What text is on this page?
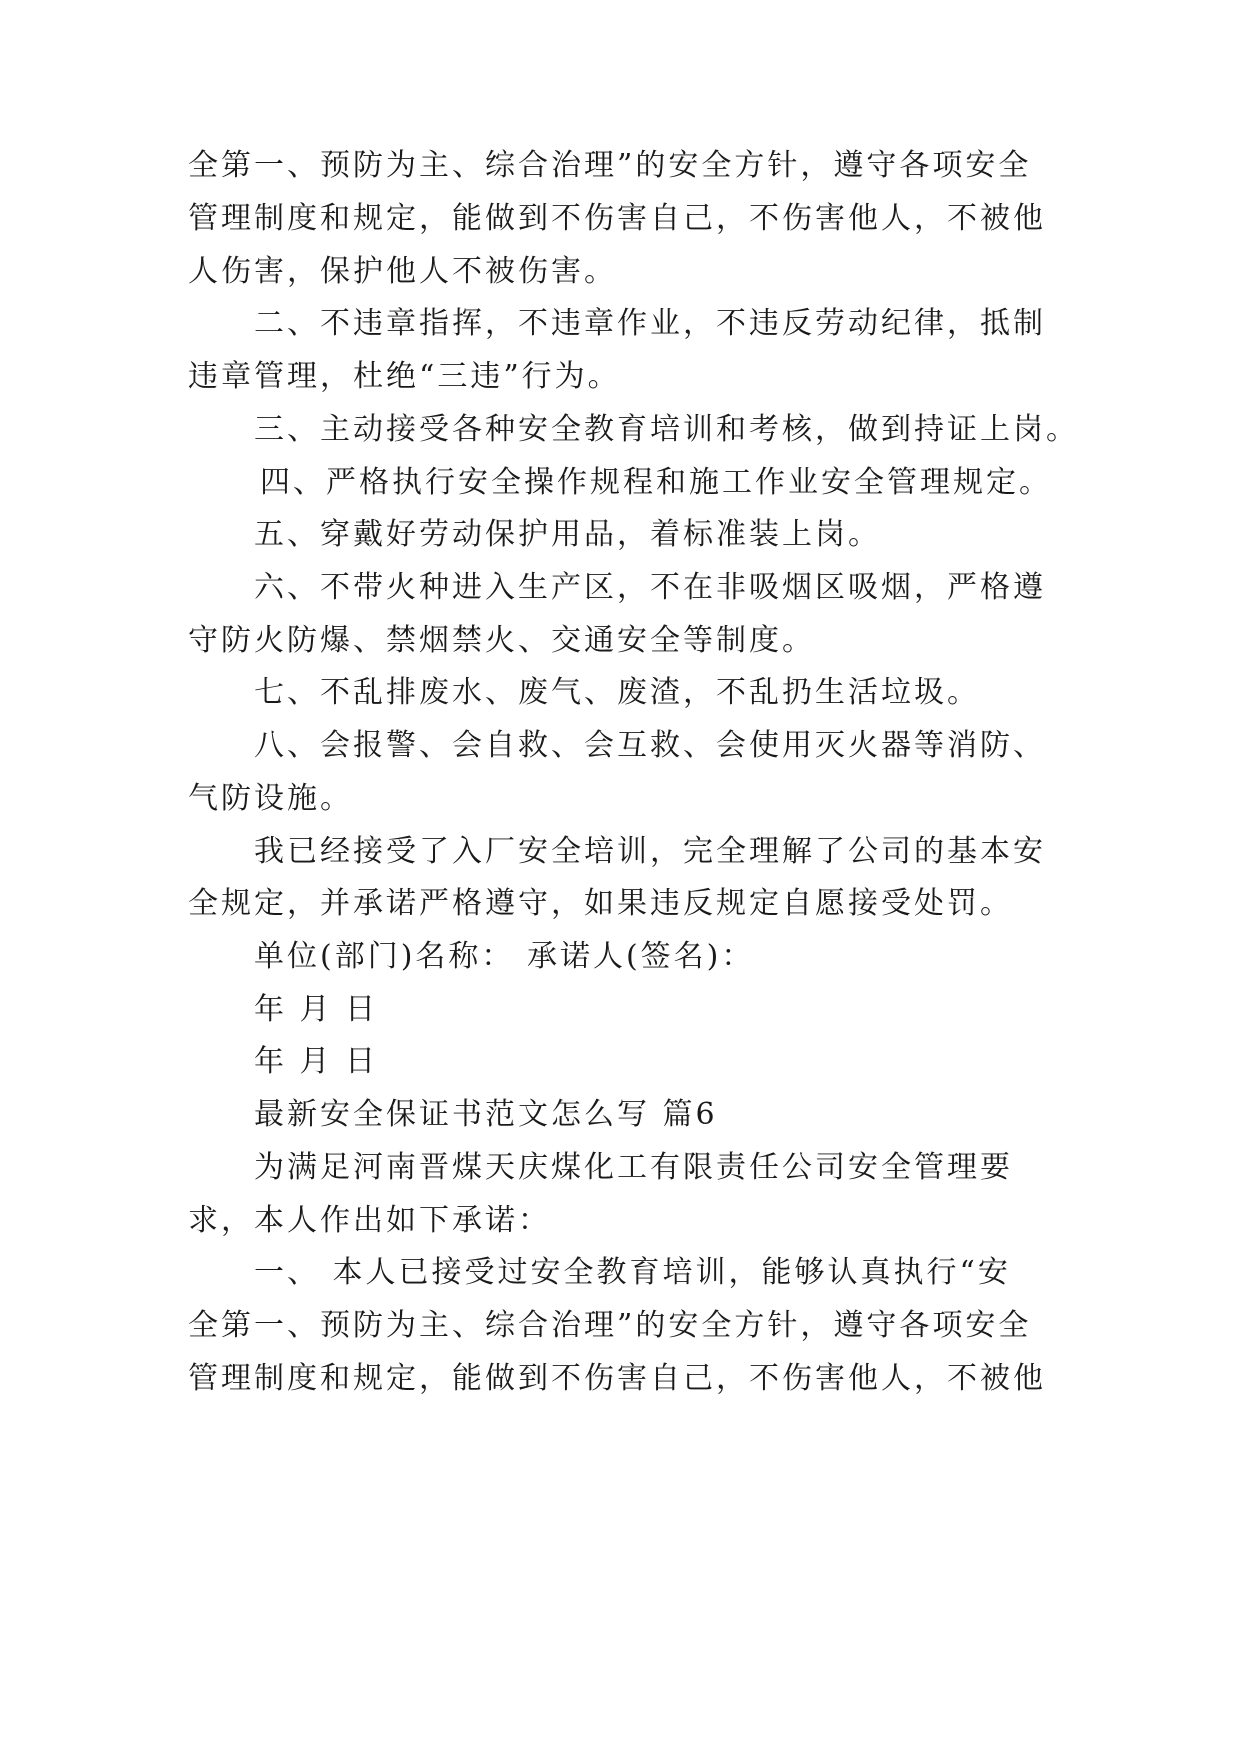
全第一、预防为主、综合治理”的安全方针，遵守各项安全
管理制度和规定，能做到不伤害自己，不伤害他人，不被他
人伤害，保护他人不被伤害。
二、不违章指挥，不违章作业，不违反劳动纪律，抵制
违章管理，杜绝“三违”行为。
三、主动接受各种安全教育培训和考核，做到持证上岗。
四、严格执行安全操作规程和施工作业安全管理规定。
五、穿戴好劳动保护用品，着标准装上岗。
六、不带火种进入生产区，不在非吸烟区吸烟，严格遵
守防火防爆、禁烟禁火、交通安全等制度。
七、不乱排废水、废气、废渣，不乱扔生活垃圾。
八、会报警、会自救、会互救、会使用灭火器等消防、
气防设施。
我已经接受了入厂安全培训，完全理解了公司的基本安
全规定，并承诺严格遵守，如果违反规定自愿接受处罚。
单位(部门)名称： 承诺人(签名)：
年 月 日
年 月 日
最新安全保证书范文怎么写 篇6
为满足河南晋煤天庆煤化工有限责任公司安全管理要
求，本人作出如下承诺：
一、 本人已接受过安全教育培训，能够认真执行“安
全第一、预防为主、综合治理”的安全方针，遵守各项安全
管理制度和规定，能做到不伤害自己，不伤害他人，不被他
